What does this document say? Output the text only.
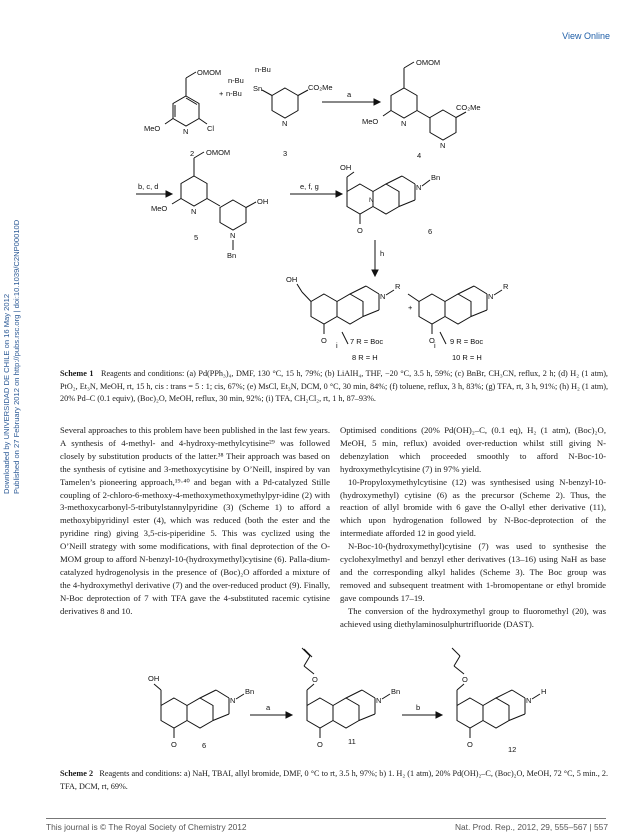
View Online
Downloaded by UNIVERSIDAD DE CHILE on 16 May 2012 Published on 27 February 2012 on http://pubs.rsc.org | doi:10.1039/C2NP00010D
OMOM
MeO	N Cl
2
+
n-Bu
n-Bu
n-Bu
Sn	CO₂Me
N
3
a
OMOM
MeO	N
CO₂Me
N
4
OMOM
MeO	N
OH
N
Bn
5
b, c, d	e, f, g
OH
O
N
Bn
N
6
h
OH
O
N
R
i 7 R = Boc
8 R = H
+
O
N
R
i 9 R = Boc
10 R = H
Scheme 1 Reagents and conditions: (a) Pd(PPh₃)₄, DMF, 130 °C, 15 h, 79%; (b) LiAlH₄, THF, −20 °C, 3.5 h, 59%; (c) BnBr, CH₃CN, reflux, 2 h; (d) H₂ (1 atm), PtO₂, Et₃N, MeOH, rt, 15 h, cis : trans = 5 : 1; cis, 67%; (e) MsCl, Et₃N, DCM, 0 °C, 30 min, 84%; (f) toluene, reflux, 3 h, 83%; (g) TFA, rt, 3 h, 91%; (h) H₂ (1 atm), 20% Pd–C (0.1 equiv), (Boc)₂O, MeOH, reflux, 30 min, 92%; (i) TFA, CH₂Cl₂, rt, 1 h, 87–93%.

Several approaches to this problem have been published in the last few years. A synthesis of 4-methyl- and 4-hydroxy-methylcytisine²⁹ was followed closely by substitution products of the latter.³⁸ Their approach was based on the synthesis of cytisine and 3-methoxycytisine by O’Neill, inspired by van Tamelen’s pioneering approach,¹⁹·⁴⁰ and began with a Pd-catalyzed Stille coupling of 2-chloro-6-methoxy-4-methoxymethoxymethylpyr-idine (2) with 3-methoxycarbonyl-5-tributylstannylpyridine (3) (Scheme 1) to afford a methoxybipyridinyl ester (4), which was reduced (both the ester and the pyridine ring) giving 3,5-cis-piperidine 5. This was cyclized using the O’Neill strategy with some modifications, with final deprotection of the O-MOM group to afford N-benzyl-10-(hydroxymethyl)cytisine (6). Palla-dium-catalyzed hydrogenolysis in the presence of (Boc)₂O afforded a mixture of the 4-hydroxymethyl derivative (7) and the over-reduced product (9). Finally, N-Boc deprotection of 7 with TFA gave the 4-substituted racemic cytisine derivatives 8 and 10.

Optimised conditions (20% Pd(OH)₂–C, (0.1 eq), H₂ (1 atm), (Boc)₂O, MeOH, 5 min, reflux) avoided over-reduction whilst still giving N-debenzylation which proceeded smoothly to afford N-Boc-10-hydroxymethylcytisine (7) in 97% yield.

10-Propyloxymethylcytisine (12) was synthesised using N-benzyl-10-(hydroxymethyl) cytisine (6) as the precursor (Scheme 2). Thus, the reaction of allyl bromide with 6 gave the O-allyl ether derivative (11), which upon hydrogenation followed by N-Boc-deprotection of the intermediate afforded 12 in good yield.

N-Boc-10-(hydroxymethyl)cytisine (7) was used to synthesise the cyclohexylmethyl and benzyl ether derivatives (13–16) using NaH as base and the corresponding alkyl halides (Scheme 3). The Boc group was removed and subsequent treatment with 1-bromopentane or ethyl bromide gave compounds 17–19.

The conversion of the hydroxymethyl group to fluoromethyl (20), was achieved using diethylaminosulphurtrifluoride (DAST).

OH
O
N
Bn
6
a
O
O
N
Bn
11
b
O
O
N
H
12
Scheme 2 Reagents and conditions: a) NaH, TBAI, allyl bromide, DMF, 0 °C to rt, 3.5 h, 97%; b) 1. H₂ (1 atm), 20% Pd(OH)₂–C, (Boc)₂O, MeOH, 72 °C, 5 min., 2. TFA, DCM, rt, 69%.
This journal is © The Royal Society of Chemistry 2012	Nat. Prod. Rep., 2012, 29, 555–567 | 557
